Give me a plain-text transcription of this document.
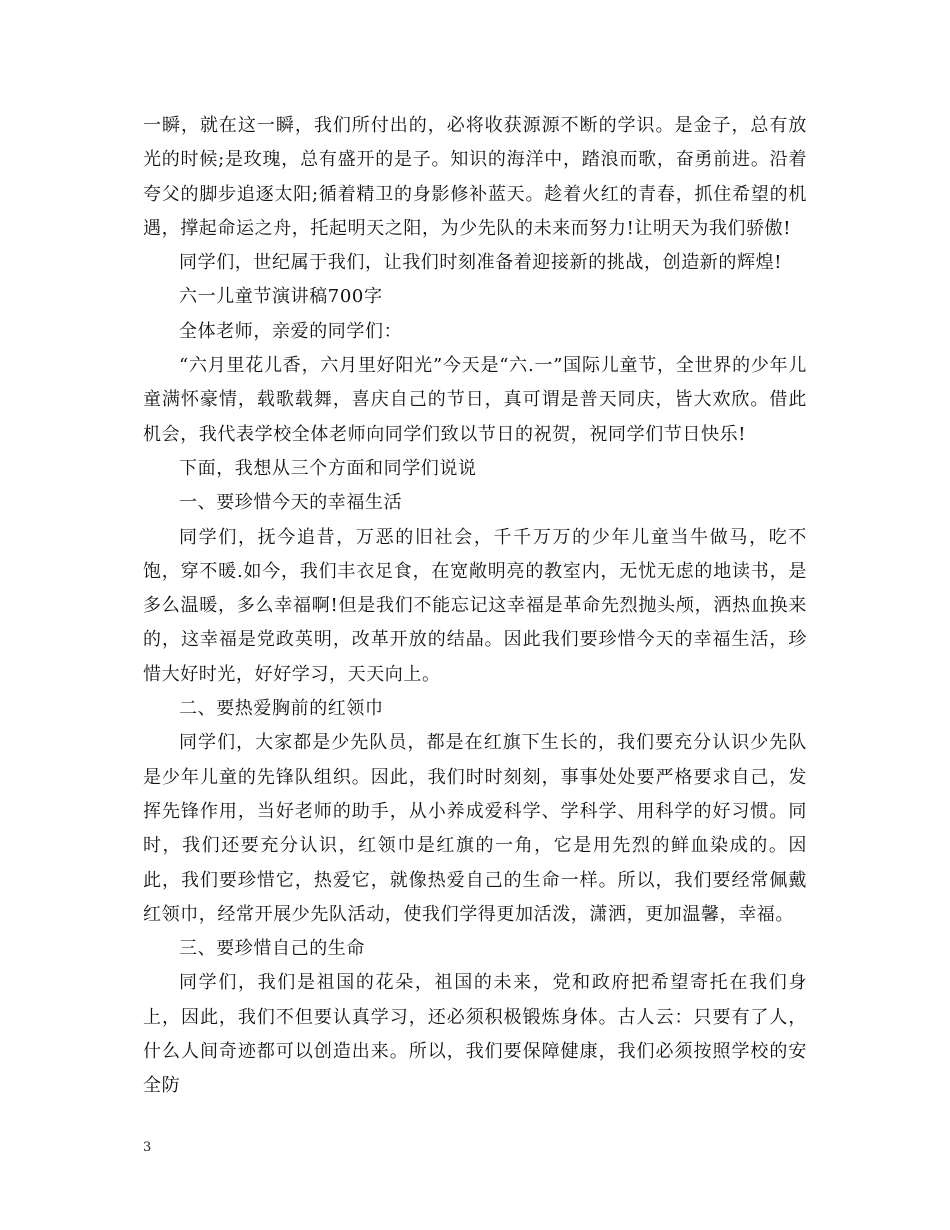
一瞬，就在这一瞬，我们所付出的，必将收获源源不断的学识。是金子，总有放光的时候;是玫瑰，总有盛开的是子。知识的海洋中，踏浪而歌，奋勇前进。沿着夸父的脚步追逐太阳;循着精卫的身影修补蓝天。趁着火红的青春，抓住希望的机遇，撑起命运之舟，托起明天之阳，为少先队的未来而努力!让明天为我们骄傲!

同学们，世纪属于我们，让我们时刻准备着迎接新的挑战，创造新的辉煌!

六一儿童节演讲稿700字

全体老师，亲爱的同学们：

“六月里花儿香，六月里好阳光”今天是“六.一”国际儿童节，全世界的少年儿童满怀豪情，载歌载舞，喜庆自己的节日，真可谓是普天同庆，皆大欢欣。借此机会，我代表学校全体老师向同学们致以节日的祝贺，祝同学们节日快乐!

下面，我想从三个方面和同学们说说

一、要珍惜今天的幸福生活

同学们，抚今追昔，万恶的旧社会，千千万万的少年儿童当牛做马，吃不饱，穿不暖.如今，我们丰衣足食，在宽敞明亮的教室内，无忧无虑的地读书，是多么温暖，多么幸福啊!但是我们不能忘记这幸福是革命先烈抛头颅，洒热血换来的，这幸福是党政英明，改革开放的结晶。因此我们要珍惜今天的幸福生活，珍惜大好时光，好好学习，天天向上。

二、要热爱胸前的红领巾

同学们，大家都是少先队员，都是在红旗下生长的，我们要充分认识少先队是少年儿童的先锋队组织。因此，我们时时刻刻，事事处处要严格要求自己，发挥先锋作用，当好老师的助手，从小养成爱科学、学科学、用科学的好习惯。同时，我们还要充分认识，红领巾是红旗的一角，它是用先烈的鲜血染成的。因此，我们要珍惜它，热爱它，就像热爱自己的生命一样。所以，我们要经常佩戴红领巾，经常开展少先队活动，使我们学得更加活泼，潇洒，更加温馨，幸福。

三、要珍惜自己的生命

同学们，我们是祖国的花朵，祖国的未来，党和政府把希望寄托在我们身上，因此，我们不但要认真学习，还必须积极锻炼身体。古人云：只要有了人，什么人间奇迹都可以创造出来。所以，我们要保障健康，我们必须按照学校的安全防

3
